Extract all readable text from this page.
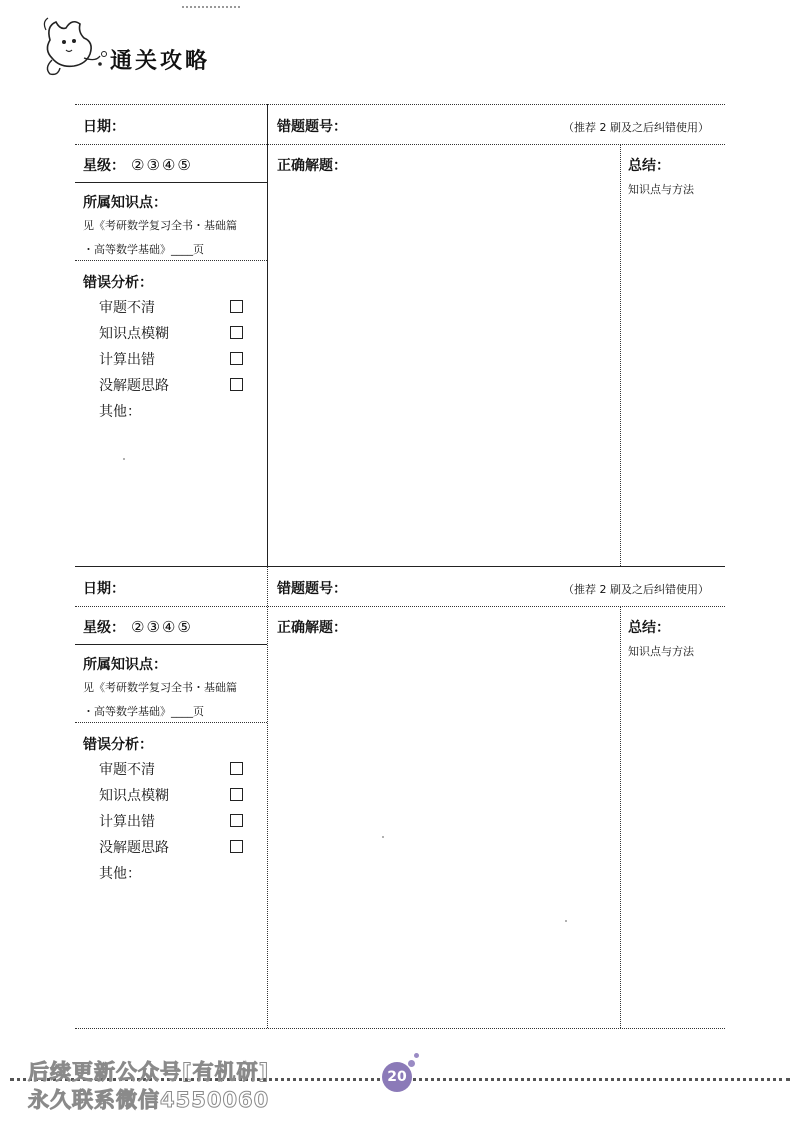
通关攻略
日期：	错题题号：	（推荐 2 刷及之后纠错使用）
星级： ②③④⑤	正确解题：	总结：
知识点与方法
所属知识点：
见《考研数学复习全书・基础篇
・高等数学基础》____页
错误分析：
审题不清
知识点模糊
计算出错
没解题思路
其他：
日期：	错题题号：	（推荐 2 刷及之后纠错使用）
星级： ②③④⑤	正确解题：	总结：
知识点与方法
所属知识点：
见《考研数学复习全书・基础篇
・高等数学基础》____页
错误分析：
审题不清
知识点模糊
计算出错
没解题思路
其他：
后续更新公众号[有机研]
永久联系微信4550060
20
